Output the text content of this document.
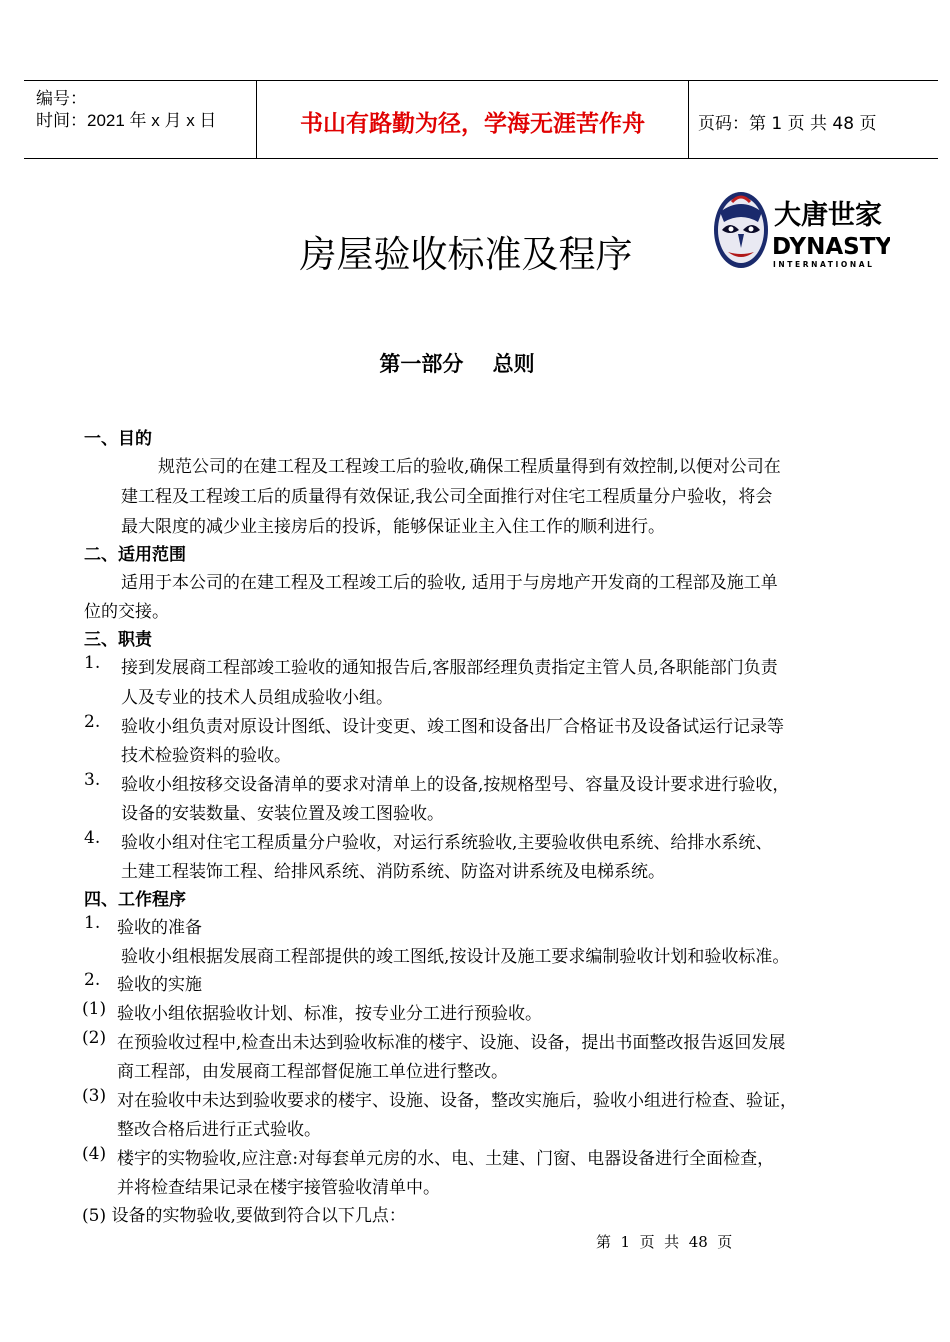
编号：
时间：2021 年 x 月 x 日	书山有路勤为径，学海无涯苦作舟	页码：第 1 页 共 48 页
大唐世家
DYNASTY
INTERNATIONAL
房屋验收标准及程序
第一部分    总则
一、目的
规范公司的在建工程及工程竣工后的验收,确保工程质量得到有效控制,以便对公司在
建工程及工程竣工后的质量得有效保证,我公司全面推行对住宅工程质量分户验收，将会
最大限度的减少业主接房后的投诉，能够保证业主入住工作的顺利进行。
二、适用范围
适用于本公司的在建工程及工程竣工后的验收, 适用于与房地产开发商的工程部及施工单
位的交接。
三、职责
1. 接到发展商工程部竣工验收的通知报告后,客服部经理负责指定主管人员,各职能部门负责
人及专业的技术人员组成验收小组。
2. 验收小组负责对原设计图纸、设计变更、竣工图和设备出厂合格证书及设备试运行记录等
技术检验资料的验收。
3. 验收小组按移交设备清单的要求对清单上的设备,按规格型号、容量及设计要求进行验收，
设备的安装数量、安装位置及竣工图验收。
4. 验收小组对住宅工程质量分户验收，对运行系统验收,主要验收供电系统、给排水系统、
土建工程装饰工程、给排风系统、消防系统、防盗对讲系统及电梯系统。
四、工作程序
1. 验收的准备
验收小组根据发展商工程部提供的竣工图纸,按设计及施工要求编制验收计划和验收标准。
2. 验收的实施
(1) 验收小组依据验收计划、标准，按专业分工进行预验收。
(2) 在预验收过程中,检查出未达到验收标准的楼宇、设施、设备，提出书面整改报告返回发展
商工程部，由发展商工程部督促施工单位进行整改。
(3) 对在验收中未达到验收要求的楼宇、设施、设备，整改实施后，验收小组进行检查、验证，
整改合格后进行正式验收。
(4) 楼宇的实物验收,应注意:对每套单元房的水、电、土建、门窗、电器设备进行全面检查，
并将检查结果记录在楼宇接管验收清单中。
(5) 设备的实物验收,要做到符合以下几点：
第  1  页  共  48  页
